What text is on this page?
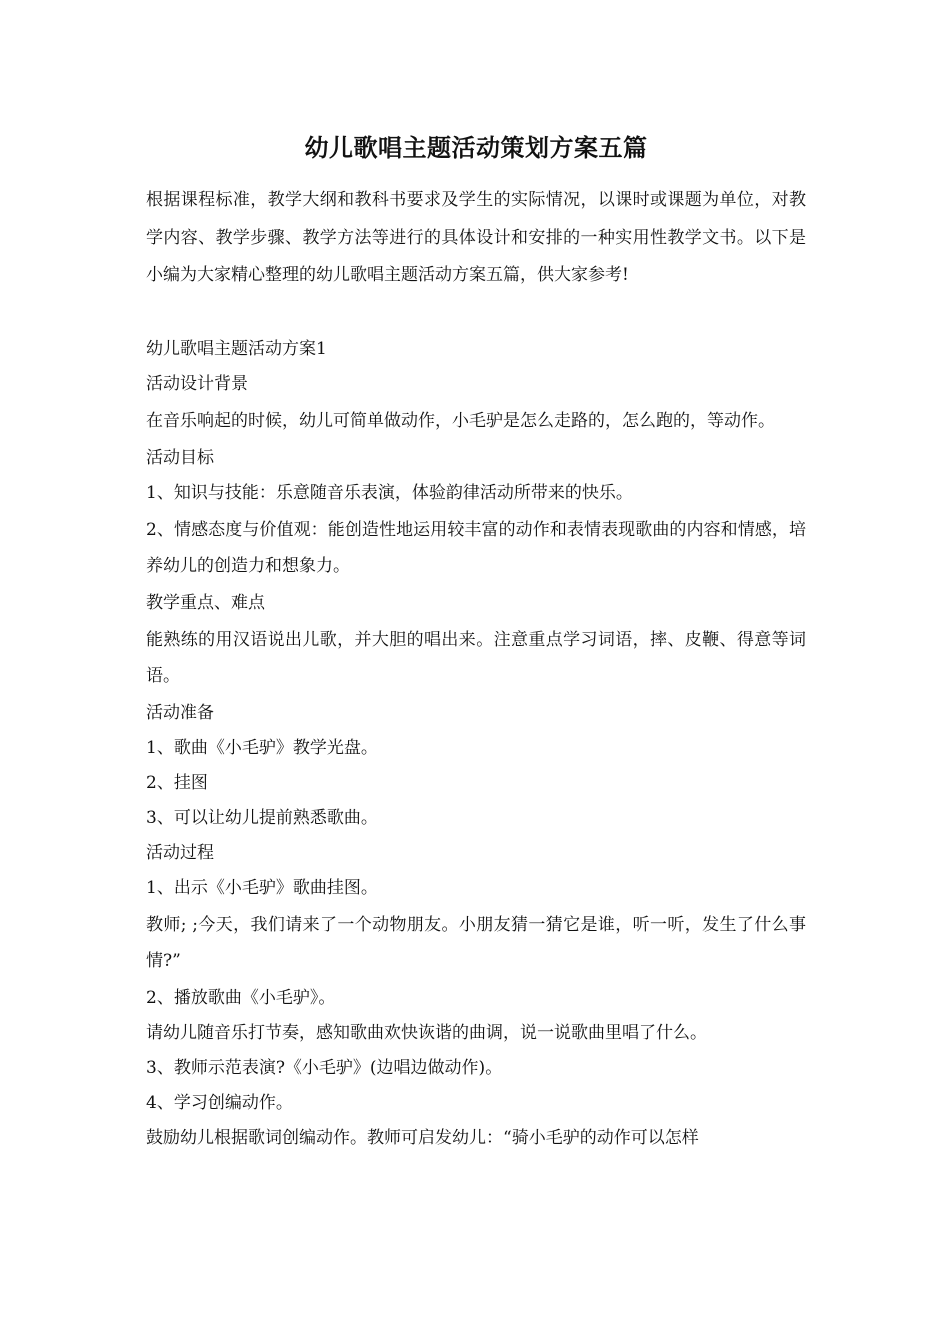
幼儿歌唱主题活动策划方案五篇

根据课程标准，教学大纲和教科书要求及学生的实际情况，以课时或课题为单位，对教学内容、教学步骤、教学方法等进行的具体设计和安排的一种实用性教学文书。以下是小编为大家精心整理的幼儿歌唱主题活动方案五篇，供大家参考!

幼儿歌唱主题活动方案1

活动设计背景

在音乐响起的时候，幼儿可简单做动作，小毛驴是怎么走路的，怎么跑的，等动作。

活动目标

1、知识与技能：乐意随音乐表演，体验韵律活动所带来的快乐。

2、情感态度与价值观：能创造性地运用较丰富的动作和表情表现歌曲的内容和情感，培养幼儿的创造力和想象力。

教学重点、难点

能熟练的用汉语说出儿歌，并大胆的唱出来。注意重点学习词语，摔、皮鞭、得意等词语。

活动准备

1、歌曲《小毛驴》教学光盘。

2、挂图

3、可以让幼儿提前熟悉歌曲。

活动过程

1、出示《小毛驴》歌曲挂图。

教师; ;今天，我们请来了一个动物朋友。小朋友猜一猜它是谁，听一听，发生了什么事情?”

2、播放歌曲《小毛驴》。

请幼儿随音乐打节奏，感知歌曲欢快诙谐的曲调，说一说歌曲里唱了什么。

3、教师示范表演?《小毛驴》(边唱边做动作)。

4、学习创编动作。

鼓励幼儿根据歌词创编动作。教师可启发幼儿：“骑小毛驴的动作可以怎样
